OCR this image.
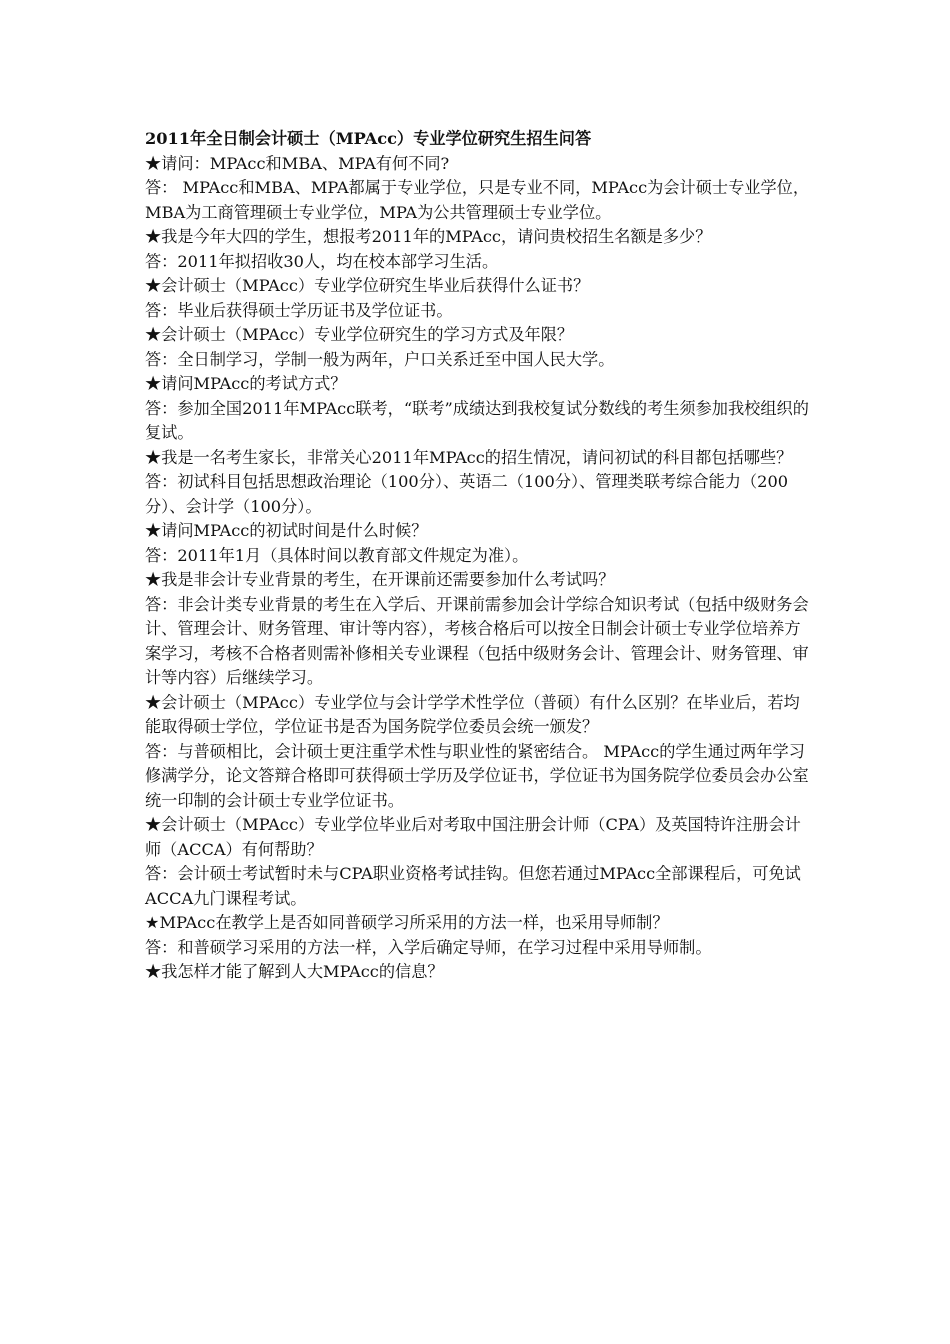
2011年全日制会计硕士（MPAcc）专业学位研究生招生问答

★请问：MPAcc和MBA、MPA有何不同?

答： MPAcc和MBA、MPA都属于专业学位，只是专业不同，MPAcc为会计硕士专业学位，MBA为工商管理硕士专业学位，MPA为公共管理硕士专业学位。

★我是今年大四的学生，想报考2011年的MPAcc，请问贵校招生名额是多少？

答：2011年拟招收30人，均在校本部学习生活。

★会计硕士（MPAcc）专业学位研究生毕业后获得什么证书？

答：毕业后获得硕士学历证书及学位证书。

★会计硕士（MPAcc）专业学位研究生的学习方式及年限？

答：全日制学习，学制一般为两年，户口关系迁至中国人民大学。

★请问MPAcc的考试方式？

答：参加全国2011年MPAcc联考，“联考”成绩达到我校复试分数线的考生须参加我校组织的复试。

★我是一名考生家长，非常关心2011年MPAcc的招生情况，请问初试的科目都包括哪些？

答：初试科目包括思想政治理论（100分）、英语二（100分）、管理类联考综合能力（200分）、会计学（100分）。

★请问MPAcc的初试时间是什么时候？

答：2011年1月（具体时间以教育部文件规定为准）。

★我是非会计专业背景的考生，在开课前还需要参加什么考试吗？

答：非会计类专业背景的考生在入学后、开课前需参加会计学综合知识考试（包括中级财务会计、管理会计、财务管理、审计等内容），考核合格后可以按全日制会计硕士专业学位培养方案学习，考核不合格者则需补修相关专业课程（包括中级财务会计、管理会计、财务管理、审计等内容）后继续学习。

★会计硕士（MPAcc）专业学位与会计学学术性学位（普硕）有什么区别？在毕业后，若均能取得硕士学位，学位证书是否为国务院学位委员会统一颁发？

答：与普硕相比，会计硕士更注重学术性与职业性的紧密结合。 MPAcc的学生通过两年学习修满学分，论文答辩合格即可获得硕士学历及学位证书，学位证书为国务院学位委员会办公室统一印制的会计硕士专业学位证书。

★会计硕士（MPAcc）专业学位毕业后对考取中国注册会计师（CPA）及英国特许注册会计师（ACCA）有何帮助？

答：会计硕士考试暂时未与CPA职业资格考试挂钩。但您若通过MPAcc全部课程后，可免试ACCA九门课程考试。

★MPAcc在教学上是否如同普硕学习所采用的方法一样，也采用导师制？

答：和普硕学习采用的方法一样，入学后确定导师，在学习过程中采用导师制。

★我怎样才能了解到人大MPAcc的信息？
